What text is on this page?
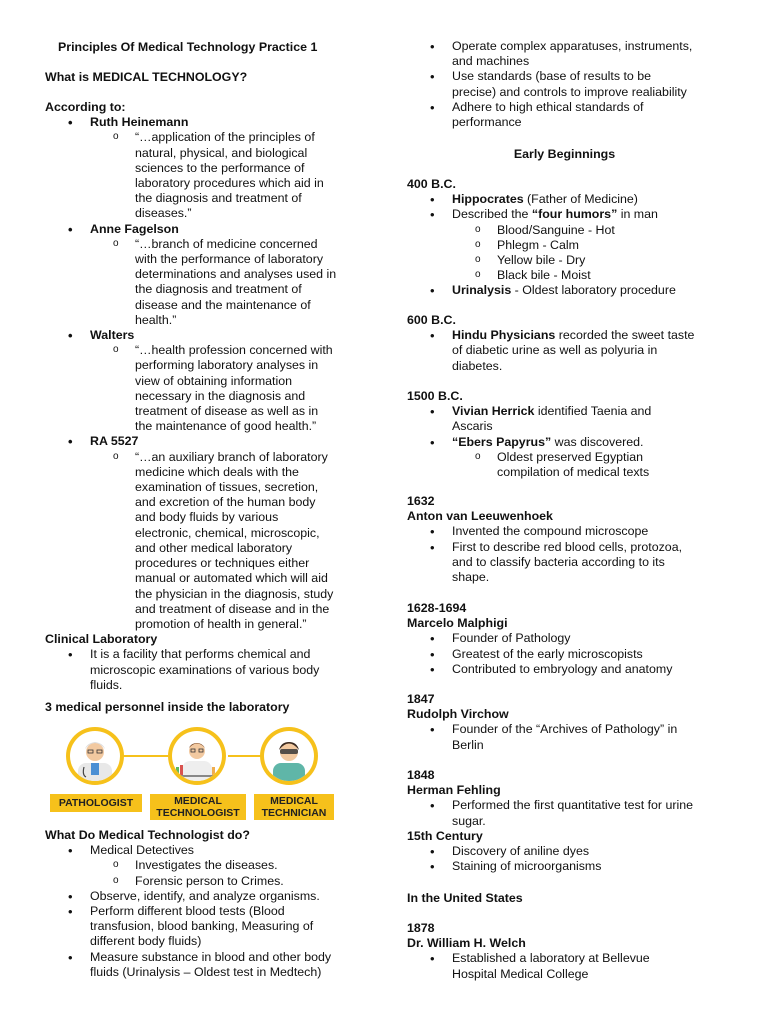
Principles Of Medical Technology Practice 1
What is MEDICAL TECHNOLOGY?
According to:
• Ruth Heinemann
o “…application of the principles of
natural, physical, and biological
sciences to the performance of
laboratory procedures which aid in
the diagnosis and treatment of
diseases.”
• Anne Fagelson
o “…branch of medicine concerned
with the performance of laboratory
determinations and analyses used in
the diagnosis and treatment of
disease and the maintenance of
health.”
• Walters
o “…health profession concerned with
performing laboratory analyses in
view of obtaining information
necessary in the diagnosis and
treatment of disease as well as in
the maintenance of good health.”
• RA 5527
o “…an auxiliary branch of laboratory
medicine which deals with the
examination of tissues, secretion,
and excretion of the human body
and body fluids by various
electronic, chemical, microscopic,
and other medical laboratory
procedures or techniques either
manual or automated which will aid
the physician in the diagnosis, study
and treatment of disease and in the
promotion of health in general.”
Clinical Laboratory
• It is a facility that performs chemical and
microscopic examinations of various body
fluids.
3 medical personnel inside the laboratory
PATHOLOGIST	MEDICAL
TECHNOLOGIST
MEDICAL
TECHNICIAN
What Do Medical Technologist do?
• Medical Detectives
o Investigates the diseases.
o Forensic person to Crimes.
• Observe, identify, and analyze organisms.
• Perform different blood tests (Blood
transfusion, blood banking, Measuring of
different body fluids)
• Measure substance in blood and other body
fluids (Urinalysis – Oldest test in Medtech)
• Operate complex apparatuses, instruments,
and machines
• Use standards (base of results to be
precise) and controls to improve realiability
• Adhere to high ethical standards of
performance
Early Beginnings
400 B.C.
• Hippocrates (Father of Medicine)
• Described the “four humors” in man
o Blood/Sanguine - Hot
o Phlegm - Calm
o Yellow bile - Dry
o Black bile - Moist
• Urinalysis - Oldest laboratory procedure
600 B.C.
• Hindu Physicians recorded the sweet taste
of diabetic urine as well as polyuria in
diabetes.
1500 B.C.
• Vivian Herrick identified Taenia and
Ascaris
• “Ebers Papyrus” was discovered.
o Oldest preserved Egyptian
compilation of medical texts
1632
Anton van Leeuwenhoek
• Invented the compound microscope
• First to describe red blood cells, protozoa,
and to classify bacteria according to its
shape.
1628-1694
Marcelo Malphigi
• Founder of Pathology
• Greatest of the early microscopists
• Contributed to embryology and anatomy
1847
Rudolph Virchow
• Founder of the “Archives of Pathology” in
Berlin
1848
Herman Fehling
• Performed the first quantitative test for urine
sugar.
15th Century
• Discovery of aniline dyes
• Staining of microorganisms
In the United States
1878
Dr. William H. Welch
• Established a laboratory at Bellevue
Hospital Medical College
